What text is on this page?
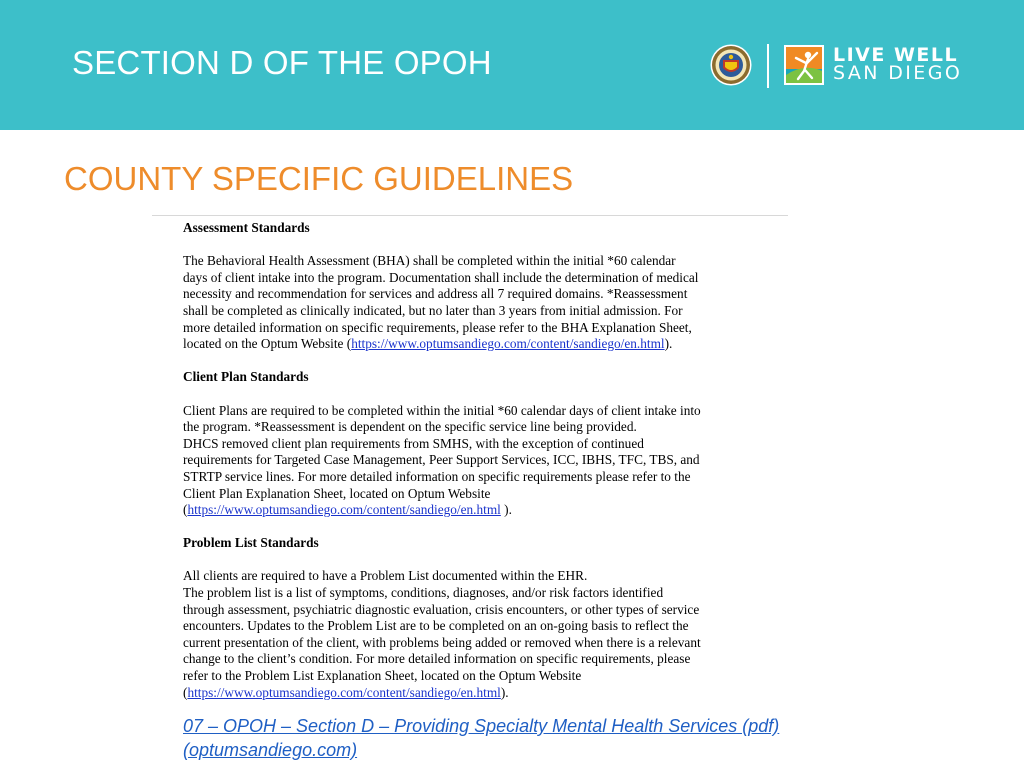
SECTION D OF THE OPOH	LIVE WELL
SAN DIEGO
COUNTY SPECIFIC GUIDELINES
Assessment Standards
The Behavioral Health Assessment (BHA) shall be completed within the initial *60 calendar
days of client intake into the program. Documentation shall include the determination of medical
necessity and recommendation for services and address all 7 required domains. *Reassessment
shall be completed as clinically indicated, but no later than 3 years from initial admission. For
more detailed information on specific requirements, please refer to the BHA Explanation Sheet,
located on the Optum Website (https://www.optumsandiego.com/content/sandiego/en.html).
Client Plan Standards
Client Plans are required to be completed within the initial *60 calendar days of client intake into
the program. *Reassessment is dependent on the specific service line being provided.
DHCS removed client plan requirements from SMHS, with the exception of continued
requirements for Targeted Case Management, Peer Support Services, ICC, IBHS, TFC, TBS, and
STRTP service lines. For more detailed information on specific requirements please refer to the
Client Plan Explanation Sheet, located on Optum Website
(https://www.optumsandiego.com/content/sandiego/en.html ).
Problem List Standards
All clients are required to have a Problem List documented within the EHR.
The problem list is a list of symptoms, conditions, diagnoses, and/or risk factors identified
through assessment, psychiatric diagnostic evaluation, crisis encounters, or other types of service
encounters. Updates to the Problem List are to be completed on an on-going basis to reflect the
current presentation of the client, with problems being added or removed when there is a relevant
change to the client’s condition. For more detailed information on specific requirements, please
refer to the Problem List Explanation Sheet, located on the Optum Website
(https://www.optumsandiego.com/content/sandiego/en.html).
07 – OPOH – Section D – Providing Specialty Mental Health Services (pdf)
(optumsandiego.com)
